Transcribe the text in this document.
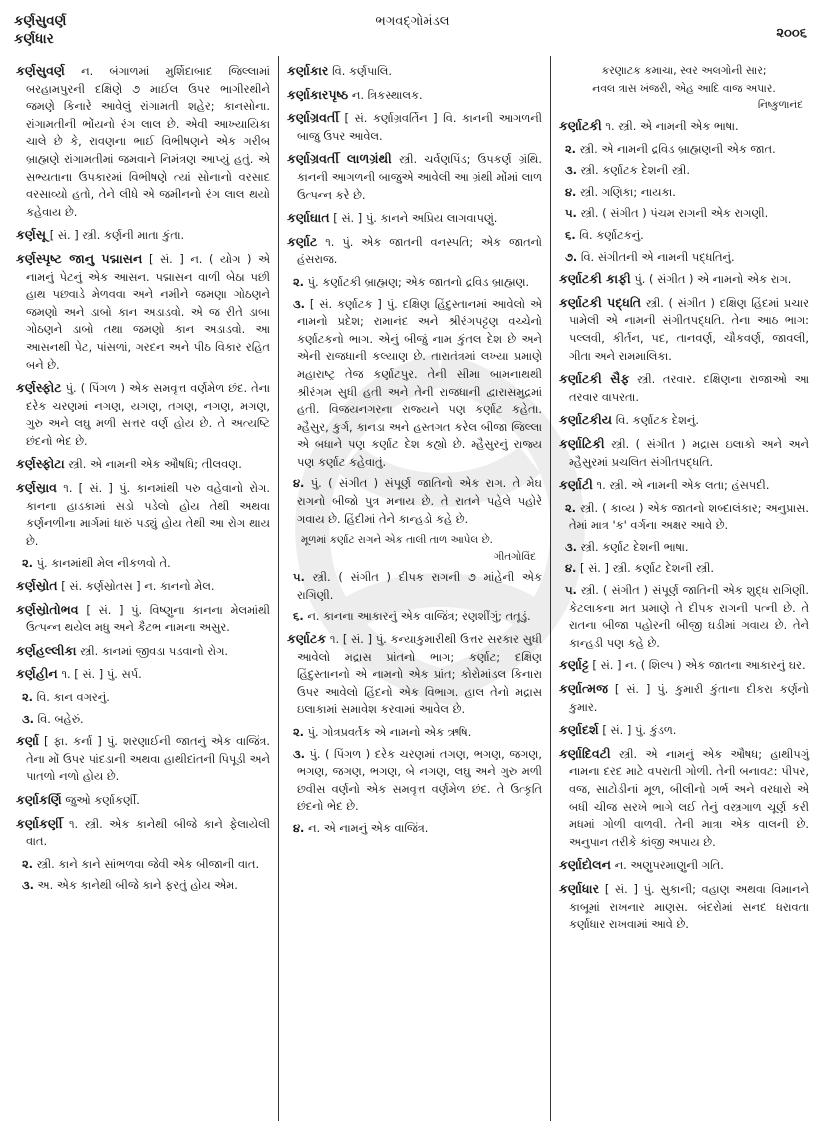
કર્ણસુવર્ણ
કર્ણધાર
ભગવદ્ગોમંડલ
૨૦૦૬

કર્ણસુવર્ણ ન. બંગાળમાં મુર્શિદાબાદ જિલ્લામાં બરહામપુરની દક્ષિણે ૭ માઈલ ઉપર ભાગીરથીને જમણે કિનારે આવેલું રાંગામતી શહેર; કાનસોના. રાંગામતીની ભોંયનો રંગ લાલ છે. એવી આખ્યાયિકા ચાલે છે કે, રાવણના ભાઈ વિભીષણને એક ગરીબ બ્રાહ્મણે રાંગામતીમાં જમવાને નિમંત્રણ આપ્યું હતું. એ સભ્યતાના ઉપકારમાં વિભીષણે ત્યાં સોનાનો વરસાદ વરસાવ્યો હતો, તેને લીધે એ જમીનનો રંગ લાલ થયો કહેવાય છે.

કર્ણસૂ [ સં. ] સ્ત્રી. કર્ણની માતા કુંતા.

કર્ણસ્પૃષ્ટ જાનુ પદ્માસન [ સં. ] ન. ( યોગ ) એ નામનું પેટનું એક આસન. પદ્માસન વાળી બેઠા પછી હાથ પછવાડે મેળવવા અને નમીને જમણા ગોઠણને જમણો અને ડાબો કાન અડાડવો. એ જ રીતે ડાબા ગોઠણને ડાબો તથા જમણો કાન અડાડવો. આ આસનથી પેટ, પાંસળાં, ગરદન અને પીઠ વિકાર રહિત બને છે.

કર્ણસ્ફોટ પું. ( પિંગળ ) એક સમવૃત્ત વર્ણમેળ છંદ. તેના દરેક ચરણમાં નગણ, યગણ, તગણ, નગણ, મગણ, ગુરુ અને લઘુ મળી સત્તર વર્ણ હોય છે. તે અત્યષ્ટિ છંદનો ભેદ છે.

કર્ણસ્ફોટા સ્ત્રી. એ નામની એક ઔષધિ; તીલવણ.

કર્ણસ્રાવ ૧. [ સં. ] પું. કાનમાંથી પરુ વહેવાનો રોગ. કાનના હાડકામાં સડો પડેલો હોય તેથી અથવા કર્ણનળીના માર્ગમાં ધારું પડ્યું હોય તેથી આ રોગ થાય છે.

૨. પું. કાનમાંથી મેલ નીકળવો તે.

કર્ણસ્રોત [ સં. કર્ણસ્રોતસ ] ન. કાનનો મેલ.

કર્ણસ્રોતોભવ [ સં. ] પું. વિષ્ણુના કાનના મેલમાંથી ઉત્પન્ન થયેલ મધુ અને કૈટભ નામના અસુર.

કર્ણહલ્લીકા સ્ત્રી. કાનમાં જીવડા પડવાનો રોગ.

કર્ણહીન ૧. [ સં. ] પું. સર્પ.

૨. વિ. કાન વગરનું.

૩. વિ. બહેરું.

કર્ણા [ ફા. કર્ના ] પું. શરણાઈની જાતનું એક વાજિંત્ર. તેના મોં ઉપર પાંદડાની અથવા હાથીદાંતની પિપૂડી અને પાતળો નળો હોય છે.

કર્ણાકર્ણિ જુઓ કર્ણાકર્ણી.

કર્ણાકર્ણી ૧. સ્ત્રી. એક કાનેથી બીજે કાને ફેલાયેલી વાત.

૨. સ્ત્રી. કાને કાને સાંભળવા જેવી એક બીજાની વાત.

૩. અ. એક કાનેથી બીજે કાને ફરતું હોય એમ.

કર્ણાકાર વિ. કર્ણપાલિ.

કર્ણાકારપૃષ્ઠ ન. ત્રિકસ્થાલક.

કર્ણાગ્રવર્તી [ સં. કર્ણાગ્રવર્તિન ] વિ. કાનની આગળની બાજુ ઉપર આવેલ.

કર્ણાગ્રવર્તી લાળગ્રંથી સ્ત્રી. ચર્વણપિંડ; ઉપકર્ણ ગ્રંથિ. કાનની આગળની બાજુએ આવેલી આ ગ્રંથી મોંમાં લાળ ઉત્પન્ન કરે છે.

કર્ણાઘાત [ સં. ] પું. કાનને અપ્રિય લાગવાપણું.

કર્ણાટ ૧. પું. એક જાતની વનસ્પતિ; એક જાતનો હંસરાજ.

૨. પું. કર્ણાટકી બ્રાહ્મણ; એક જાતનો દ્રવિડ બ્રાહ્મણ.

૩. [ સં. કર્ણાટક ] પું. દક્ષિણ હિંદુસ્તાનમાં આવેલો એ નામનો પ્રદેશ; રામાનંદ અને શ્રીરંગપટ્ટણ વચ્ચેનો કર્ણાટકનો ભાગ. એનું બીજું નામ કુંતલ દેશ છે અને એની રાજધાની કલ્યાણ છે. તારાતંત્રમાં લખ્યા પ્રમાણે મહારાષ્ટ્ર તેજ કર્ણાટપુર. તેની સીમા બામનાથથી શ્રીરંગમ સુધી હતી અને તેની રાજધાની દ્વારાસમુદ્રમાં હતી. વિજયનગરના રાજ્યને પણ કર્ણાટ કહેતા. મ્હૈસુર, કુર્ગ, કાનડા અને હસ્તગત કરેલ બીજા જિલ્લા એ બધાને પણ કર્ણાટ દેશ કહ્યો છે. મ્હૈસુરનું રાજ્ય પણ કર્ણાટ કહેવાતું.

૪. પું. ( સંગીત ) સંપૂર્ણ જાતિનો એક રાગ. તે મેઘ રાગનો બીજો પુત્ર મનાય છે. તે રાતને પહેલે પહોરે ગવાય છે. હિંદીમાં તેને કાન્હડો કહે છે.

મૂળમાં કર્ણાટ રાગને એક તાલી તાળ આપેલ છે.

ગીતગોવિંદ

૫. સ્ત્રી. ( સંગીત ) દીપક રાગની ૭ માંહેની એક રાગિણી.

૬. ન. કાનના આકારનું એક વાજિંત્ર; રણશીંગું; તતૂડું.

કર્ણાટક ૧. [ સં. ] પું. કન્યાકુમારીથી ઉત્તર સરકાર સુધી આવેલો મદ્રાસ પ્રાંતનો ભાગ; કર્ણાટ; દક્ષિણ હિંદુસ્તાનનો એ નામનો એક પ્રાંત; કોરોમાંડલ કિનારા ઉપર આવેલો હિંદનો એક વિભાગ. હાલ તેનો મદ્રાસ ઇલાકામાં સમાવેશ કરવામાં આવેલ છે.

૨. પું. ગોત્રપ્રવર્તક એ નામનો એક ઋષિ.

૩. પું. ( પિંગળ ) દરેક ચરણમાં તગણ, ભગણ, જગણ, ભગણ, જગણ, ભગણ, બે નગણ, લઘુ અને ગુરુ મળી છવીસ વર્ણનો એક સમવૃત્ત વર્ણમેળ છંદ. તે ઉત્કૃતિ છંદનો ભેદ છે.

૪. ન. એ નામનું એક વાજિંત્ર.

કરણાટક કમાચા, સ્વર અલગોની સાર;

નવલ ત્રાસ ખંજરી, એહ આદિ વાજ અપાર.

નિષ્કુળાનંદ

કર્ણાટકી ૧. સ્ત્રી. એ નામની એક ભાષા.

૨. સ્ત્રી. એ નામની દ્રવિડ બ્રાહ્મણની એક જાત.

૩. સ્ત્રી. કર્ણાટક દેશની સ્ત્રી.

૪. સ્ત્રી. ગણિકા; નાયકા.

૫. સ્ત્રી. ( સંગીત ) પંચમ રાગની એક રાગણી.

૬. વિ. કર્ણાટકનું.

૭. વિ. સંગીતની એ નામની પદ્ધતિનું.

કર્ણાટકી કાફી પું. ( સંગીત ) એ નામનો એક રાગ.

કર્ણાટકી પદ્ધતિ સ્ત્રી. ( સંગીત ) દક્ષિણ હિંદમાં પ્રચાર પામેલી એ નામની સંગીતપદ્ધતિ. તેના આઠ ભાગ: પલ્લવી, કીર્તન, પદ, તાનવર્ણ, ચૌકવર્ણ, જાવલી, ગીતા અને રામમાલિકા.

કર્ણાટકી સૈફ સ્ત્રી. તરવાર. દક્ષિણના રાજાઓ આ તરવાર વાપરતા.

કર્ણાટકીય વિ. કર્ણાટક દેશનું.

કર્ણાટિકી સ્ત્રી. ( સંગીત ) મદ્રાસ ઇલાકો અને અને મ્હૈસુરમાં પ્રચલિત સંગીતપદ્ધતિ.

કર્ણાટી ૧. સ્ત્રી. એ નામની એક લતા; હંસપદી.

૨. સ્ત્રી. ( કાવ્ય ) એક જાતનો શબ્દાલંકાર; અનુપ્રાસ. તેમાં માત્ર 'ક' વર્ગના અક્ષર આવે છે.

૩. સ્ત્રી. કર્ણાટ દેશની ભાષા.

૪. [ સં. ] સ્ત્રી. કર્ણાટ દેશની સ્ત્રી.

૫. સ્ત્રી. ( સંગીત ) સંપૂર્ણ જાતિની એક શુદ્ધ રાગિણી. કેટલાકના મત પ્રમાણે તે દીપક રાગની પત્ની છે. તે રાતના બીજા પહોરની બીજી ઘડીમાં ગવાય છે. તેને કાન્હડી પણ કહે છે.

કર્ણાટ્ટ [ સં. ] ન. ( શિલ્પ ) એક જાતના આકારનું ઘર.

કર્ણાત્મજ [ સં. ] પું. કુમારી કુંતાના દીકરા કર્ણનો કુમાર.

કર્ણાદર્શ [ સં. ] પું. કુંડળ.

કર્ણાદિવટી સ્ત્રી. એ નામનું એક ઔષધ; હાથીપગું નામના દરદ માટે વપરાતી ગોળી. તેની બનાવટ: પીપર, વજ, સાટોડીનાં મૂળ, બીલીનો ગર્ભ અને વરધારો એ બધી ચીજ સરખે ભાગે લઈ તેનું વસ્ત્રગાળ ચૂર્ણ કરી મધમાં ગોળી વાળવી. તેની માત્રા એક વાલની છે. અનુપાન તરીકે કાંજી અપાય છે.

કર્ણાદોલન ન. અણુપરમાણુની ગતિ.

કર્ણાધાર [ સં. ] પું. સુકાની; વહાણ અથવા વિમાનને કાબૂમાં રાખનાર માણસ. બંદરોમાં સનદ ધરાવતા કર્ણાધાર રાખવામાં આવે છે.
